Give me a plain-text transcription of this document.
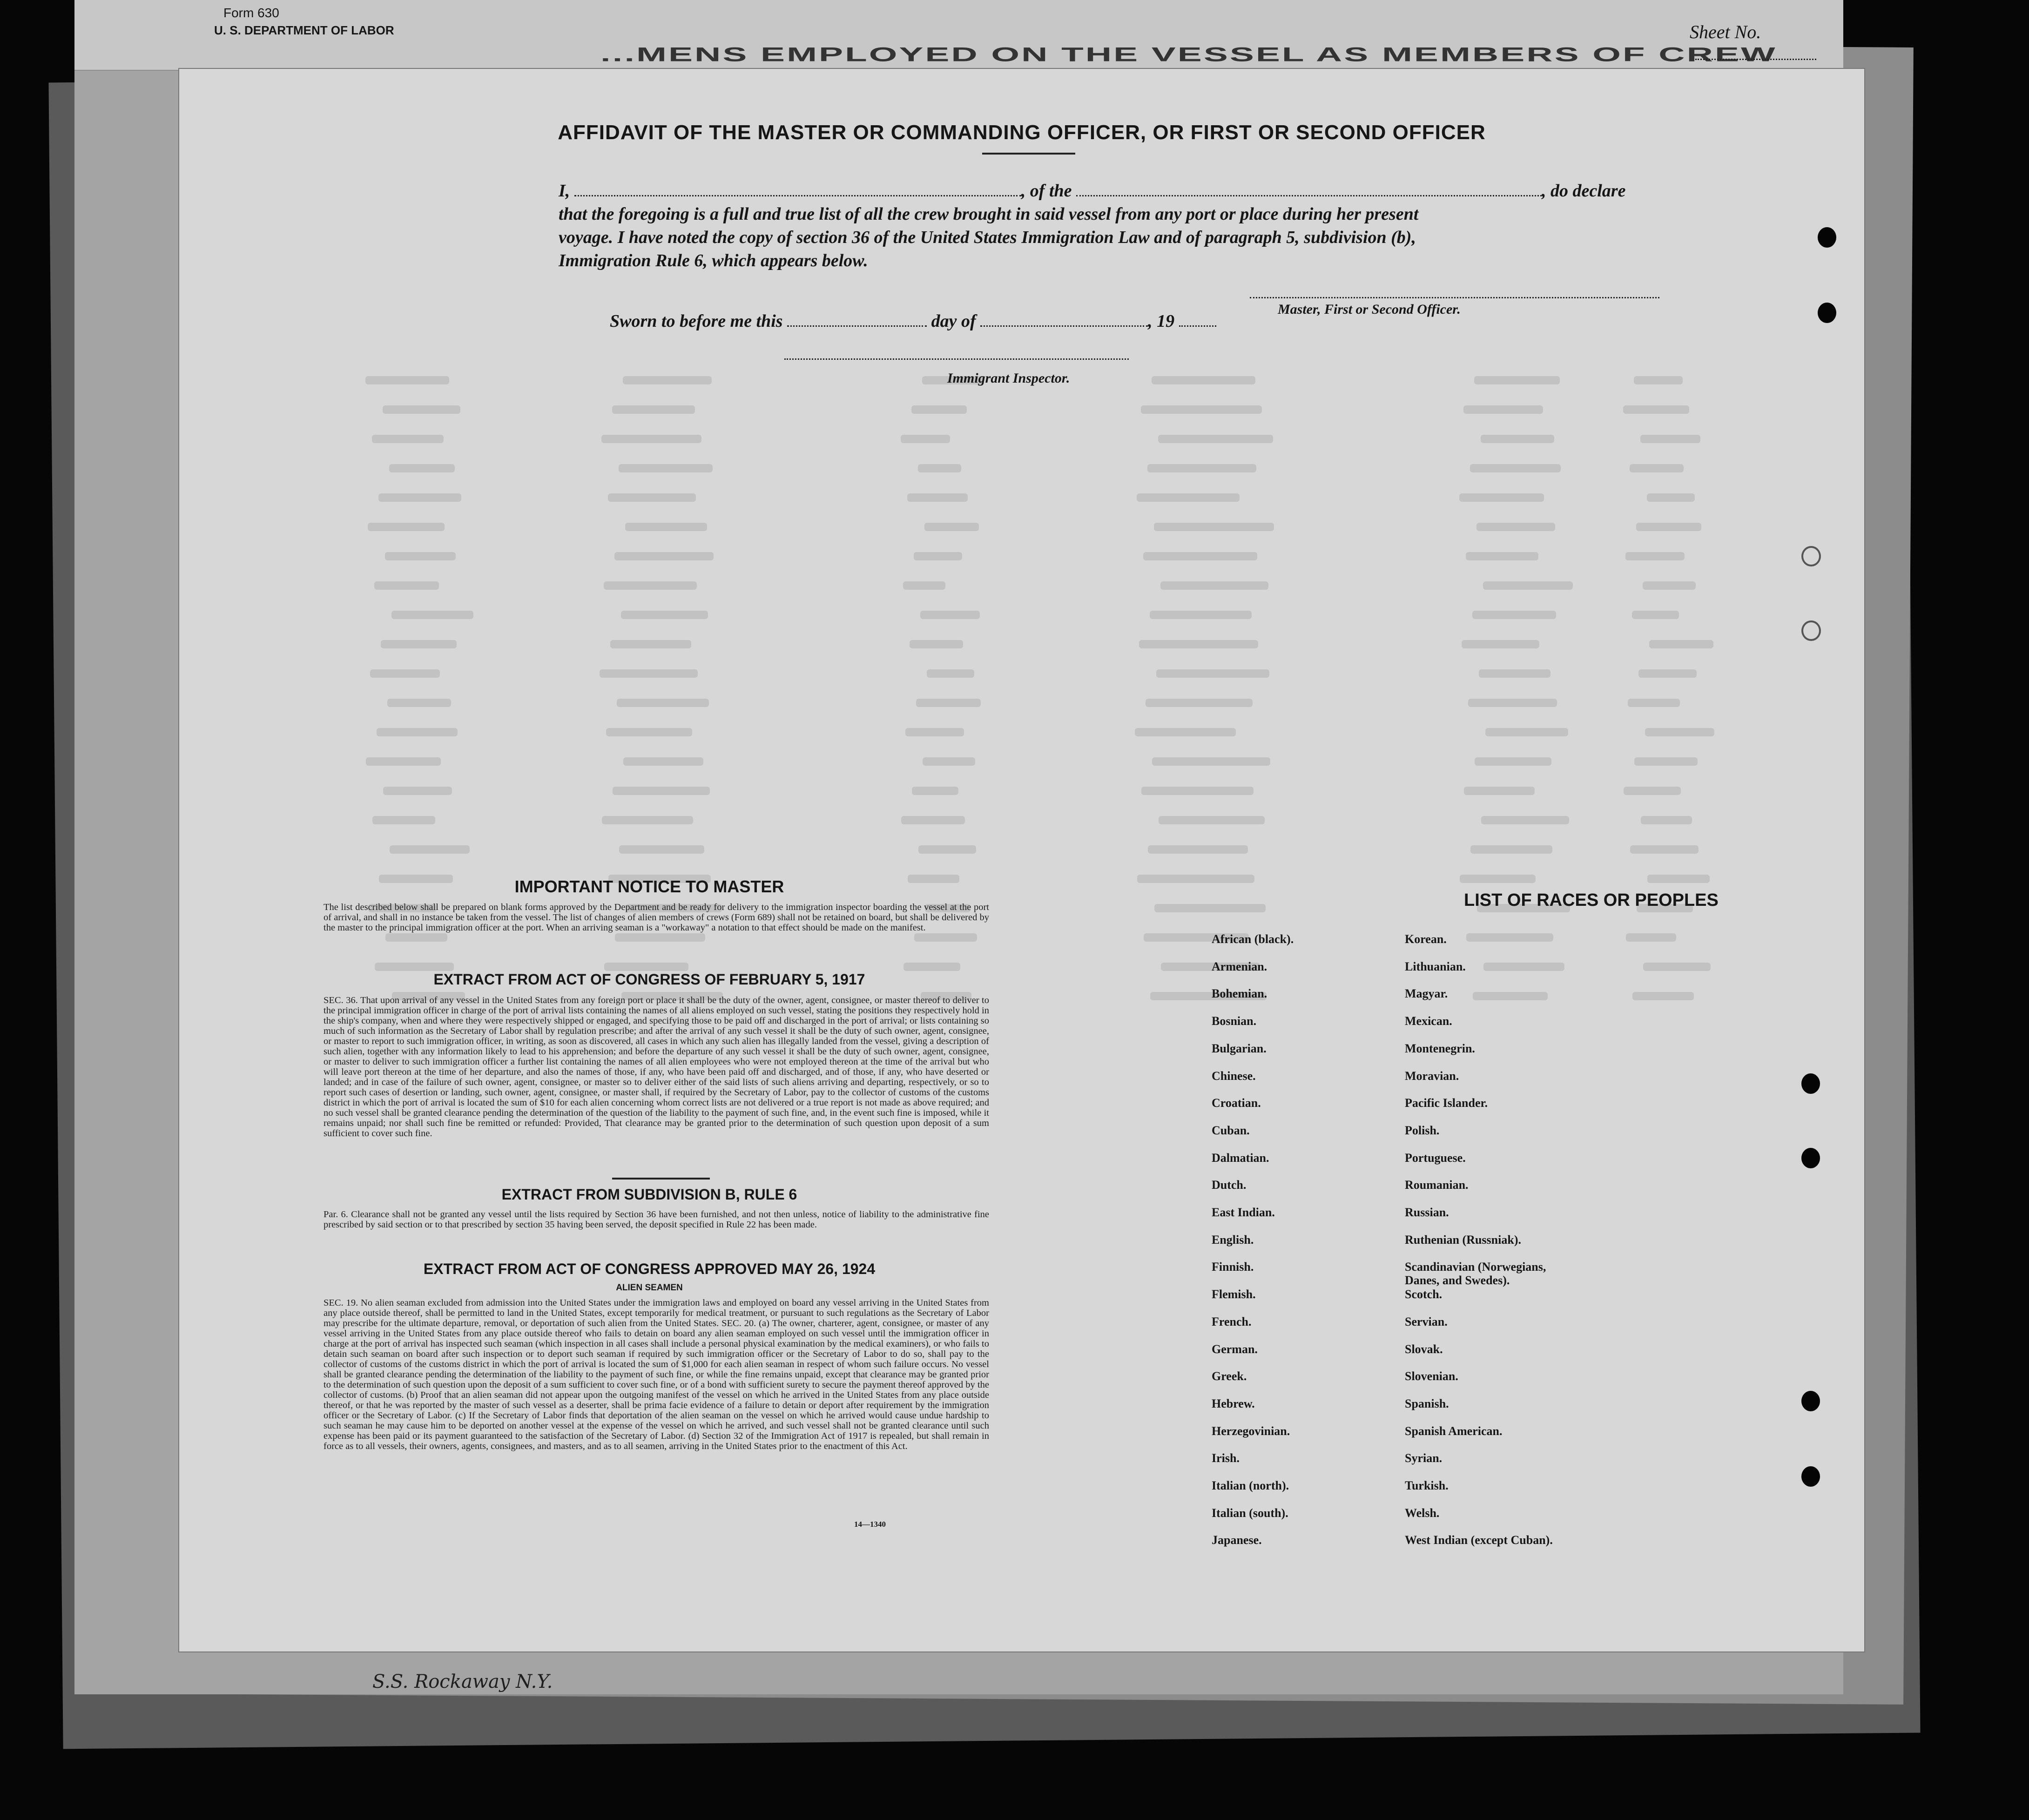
Form 630
U. S. DEPARTMENT OF LABOR
...MENS EMPLOYED ON THE VESSEL AS MEMBERS OF CREW
Sheet No.
AFFIDAVIT OF THE MASTER OR COMMANDING OFFICER, OR FIRST OR SECOND OFFICER
I,	, of the	, do declare
that the foregoing is a full and true list of all the crew brought in said vessel from any port or place during her present
voyage. I have noted the copy of section 36 of the United States Immigration Law and of paragraph 5, subdivision (b),
Immigration Rule 6, which appears below.
Master, First or Second Officer.
Sworn to before me this	day of	, 19
Immigrant Inspector.
IMPORTANT NOTICE TO MASTER
The list described below shall be prepared on blank forms approved by the Department and be ready for delivery to the immigration inspector boarding the vessel at the port of arrival, and shall in no instance be taken from the vessel. The list of changes of alien members of crews (Form 689) shall not be retained on board, but shall be delivered by the master to the principal immigration officer at the port. When an arriving seaman is a "workaway" a notation to that effect should be made on the manifest.
EXTRACT FROM ACT OF CONGRESS OF FEBRUARY 5, 1917
SEC. 36. That upon arrival of any vessel in the United States from any foreign port or place it shall be the duty of the owner, agent, consignee, or master thereof to deliver to the principal immigration officer in charge of the port of arrival lists containing the names of all aliens employed on such vessel, stating the positions they respectively hold in the ship's company, when and where they were respectively shipped or engaged, and specifying those to be paid off and discharged in the port of arrival; or lists containing so much of such information as the Secretary of Labor shall by regulation prescribe; and after the arrival of any such vessel it shall be the duty of such owner, agent, consignee, or master to report to such immigration officer, in writing, as soon as discovered, all cases in which any such alien has illegally landed from the vessel, giving a description of such alien, together with any information likely to lead to his apprehension; and before the departure of any such vessel it shall be the duty of such owner, agent, consignee, or master to deliver to such immigration officer a further list containing the names of all alien employees who were not employed thereon at the time of the arrival but who will leave port thereon at the time of her departure, and also the names of those, if any, who have been paid off and discharged, and of those, if any, who have deserted or landed; and in case of the failure of such owner, agent, consignee, or master so to deliver either of the said lists of such aliens arriving and departing, respectively, or so to report such cases of desertion or landing, such owner, agent, consignee, or master shall, if required by the Secretary of Labor, pay to the collector of customs of the customs district in which the port of arrival is located the sum of $10 for each alien concerning whom correct lists are not delivered or a true report is not made as above required; and no such vessel shall be granted clearance pending the determination of the question of the liability to the payment of such fine, and, in the event such fine is imposed, while it remains unpaid; nor shall such fine be remitted or refunded: Provided, That clearance may be granted prior to the determination of such question upon deposit of a sum sufficient to cover such fine.
EXTRACT FROM SUBDIVISION B, RULE 6
Par. 6. Clearance shall not be granted any vessel until the lists required by Section 36 have been furnished, and not then unless, notice of liability to the administrative fine prescribed by said section or to that prescribed by section 35 having been served, the deposit specified in Rule 22 has been made.
EXTRACT FROM ACT OF CONGRESS APPROVED MAY 26, 1924
ALIEN SEAMEN
SEC. 19. No alien seaman excluded from admission into the United States under the immigration laws and employed on board any vessel arriving in the United States from any place outside thereof, shall be permitted to land in the United States, except temporarily for medical treatment, or pursuant to such regulations as the Secretary of Labor may prescribe for the ultimate departure, removal, or deportation of such alien from the United States. SEC. 20. (a) The owner, charterer, agent, consignee, or master of any vessel arriving in the United States from any place outside thereof who fails to detain on board any alien seaman employed on such vessel until the immigration officer in charge at the port of arrival has inspected such seaman (which inspection in all cases shall include a personal physical examination by the medical examiners), or who fails to detain such seaman on board after such inspection or to deport such seaman if required by such immigration officer or the Secretary of Labor to do so, shall pay to the collector of customs of the customs district in which the port of arrival is located the sum of $1,000 for each alien seaman in respect of whom such failure occurs. No vessel shall be granted clearance pending the determination of the liability to the payment of such fine, or while the fine remains unpaid, except that clearance may be granted prior to the determination of such question upon the deposit of a sum sufficient to cover such fine, or of a bond with sufficient surety to secure the payment thereof approved by the collector of customs. (b) Proof that an alien seaman did not appear upon the outgoing manifest of the vessel on which he arrived in the United States from any place outside thereof, or that he was reported by the master of such vessel as a deserter, shall be prima facie evidence of a failure to detain or deport after requirement by the immigration officer or the Secretary of Labor. (c) If the Secretary of Labor finds that deportation of the alien seaman on the vessel on which he arrived would cause undue hardship to such seaman he may cause him to be deported on another vessel at the expense of the vessel on which he arrived, and such vessel shall not be granted clearance until such expense has been paid or its payment guaranteed to the satisfaction of the Secretary of Labor. (d) Section 32 of the Immigration Act of 1917 is repealed, but shall remain in force as to all vessels, their owners, agents, consignees, and masters, and as to all seamen, arriving in the United States prior to the enactment of this Act.
14—1340
LIST OF RACES OR PEOPLES
African (black).
Armenian.
Bohemian.
Bosnian.
Bulgarian.
Chinese.
Croatian.
Cuban.
Dalmatian.
Dutch.
East Indian.
English.
Finnish.
Flemish.
French.
German.
Greek.
Hebrew.
Herzegovinian.
Irish.
Italian (north).
Italian (south).
Japanese.
Korean.
Lithuanian.
Magyar.
Mexican.
Montenegrin.
Moravian.
Pacific Islander.
Polish.
Portuguese.
Roumanian.
Russian.
Ruthenian (Russniak).
Scandinavian (Norwegians, Danes, and Swedes).
Scotch.
Servian.
Slovak.
Slovenian.
Spanish.
Spanish American.
Syrian.
Turkish.
Welsh.
West Indian (except Cuban).
S.S. Rockaway N.Y.
